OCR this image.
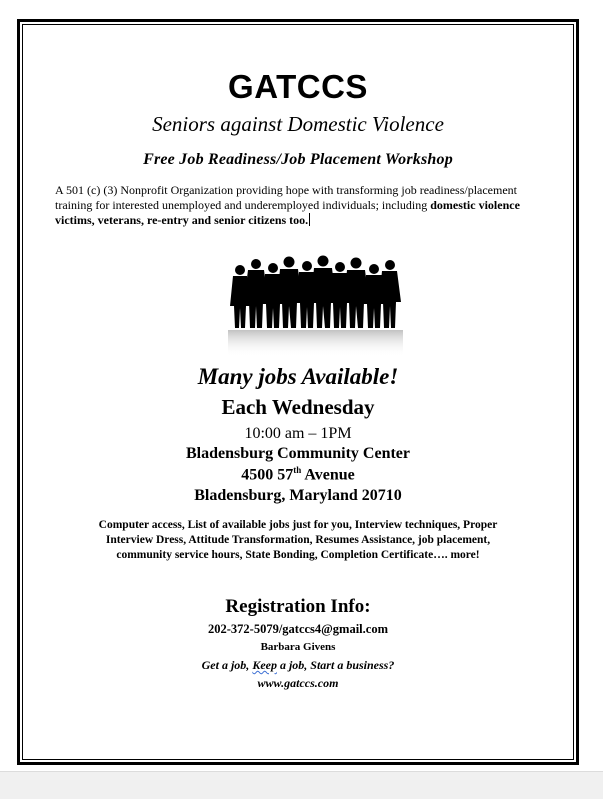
GATCCS
Seniors against Domestic Violence
Free Job Readiness/Job Placement Workshop
A 501 (c) (3) Nonprofit Organization providing hope with transforming job readiness/placement training for interested unemployed and underemployed individuals; including domestic violence victims, veterans, re-entry and senior citizens too.
Many jobs Available!
Each Wednesday
10:00 am – 1PM
Bladensburg Community Center
4500 57th Avenue
Bladensburg, Maryland 20710
Computer access, List of available jobs just for you, Interview techniques, Proper Interview Dress, Attitude Transformation, Resumes Assistance, job placement, community service hours, State Bonding, Completion Certificate…. more!
Registration Info:
202-372-5079/gatccs4@gmail.com
Barbara Givens
Get a job, Keep a job, Start a business?
www.gatccs.com
